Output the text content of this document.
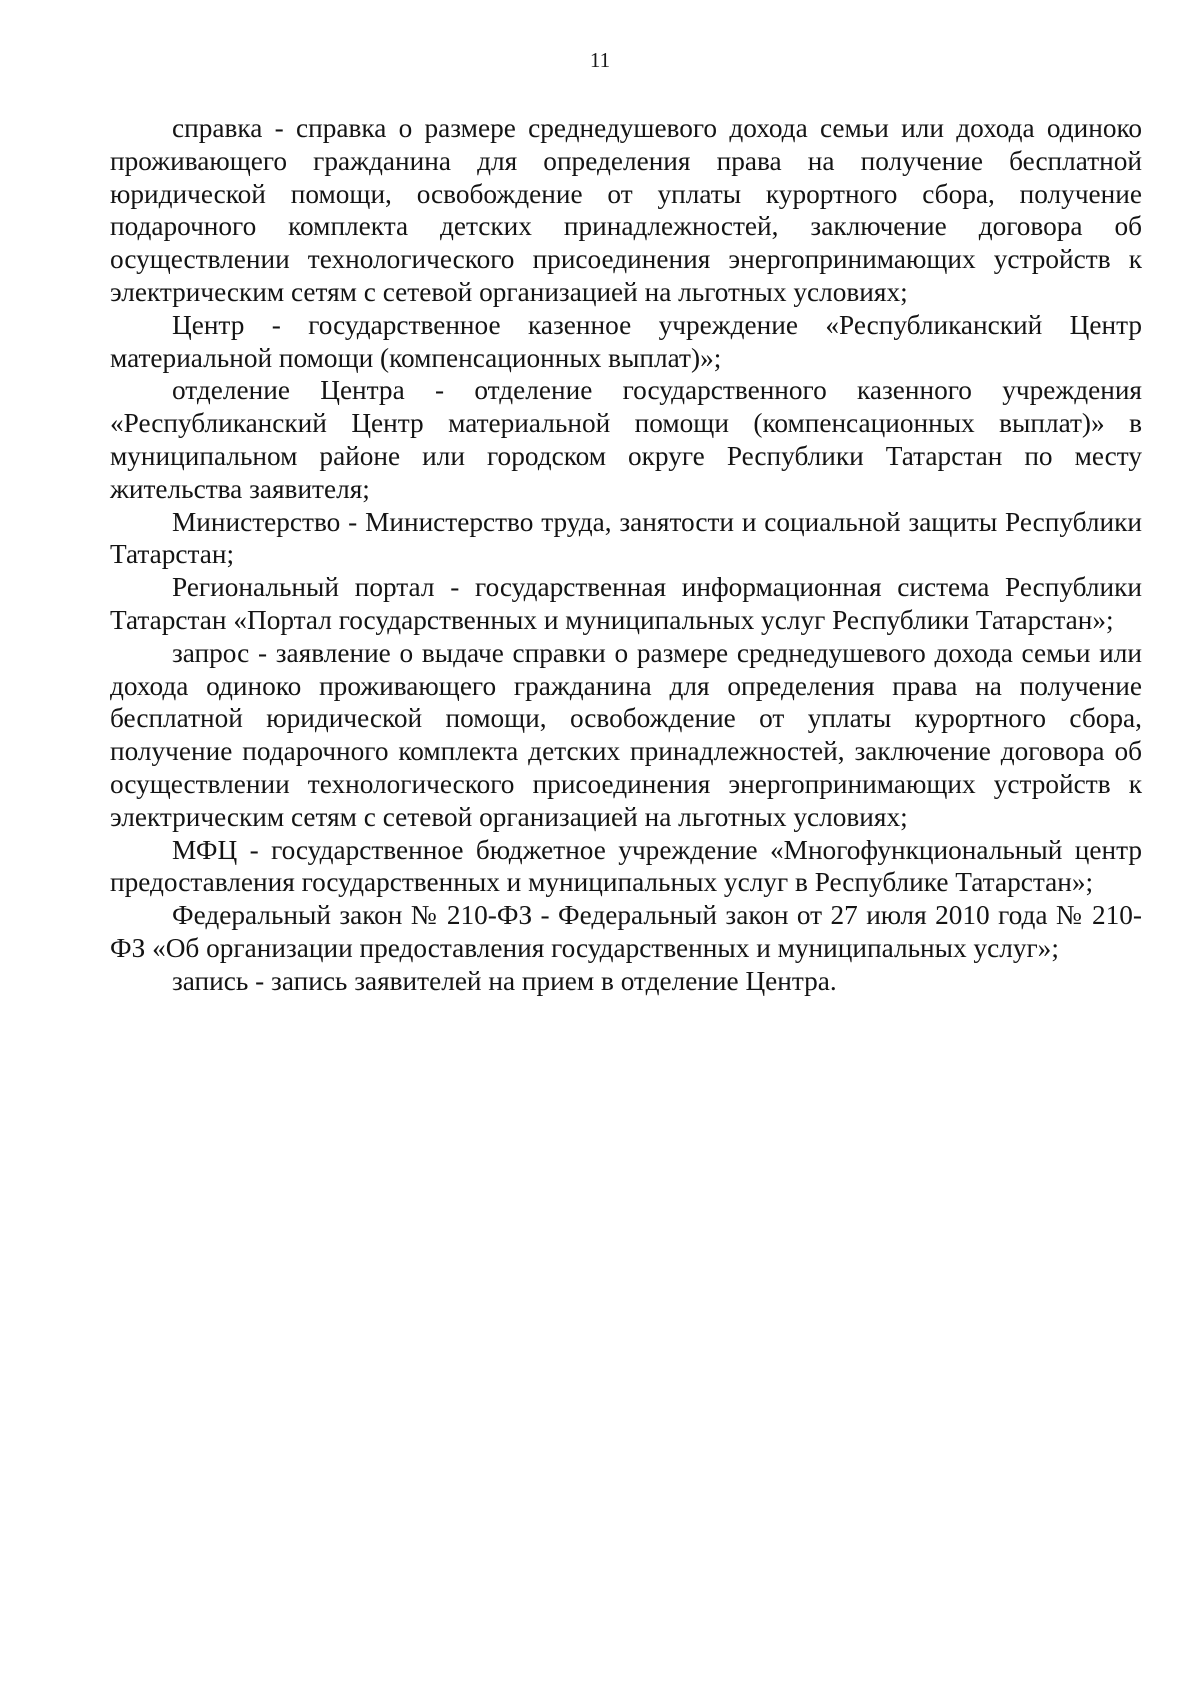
11

справка - справка о размере среднедушевого дохода семьи или дохода одиноко проживающего гражданина для определения права на получение бесплатной юридической помощи, освобождение от уплаты курортного сбора, получение подарочного комплекта детских принадлежностей, заключение договора об осуществлении технологического присоединения энергопринимающих устройств к электрическим сетям с сетевой организацией на льготных условиях;

Центр - государственное казенное учреждение «Республиканский Центр материальной помощи (компенсационных выплат)»;

отделение Центра - отделение государственного казенного учреждения «Республиканский Центр материальной помощи (компенсационных выплат)» в муниципальном районе или городском округе Республики Татарстан по месту жительства заявителя;

Министерство - Министерство труда, занятости и социальной защиты Республики Татарстан;

Региональный портал - государственная информационная система Республики Татарстан «Портал государственных и муниципальных услуг Республики Татарстан»;

запрос - заявление о выдаче справки о размере среднедушевого дохода семьи или дохода одиноко проживающего гражданина для определения права на получение бесплатной юридической помощи, освобождение от уплаты курортного сбора, получение подарочного комплекта детских принадлежностей, заключение договора об осуществлении технологического присоединения энергопринимающих устройств к электрическим сетям с сетевой организацией на льготных условиях;

МФЦ - государственное бюджетное учреждение «Многофункциональный центр предоставления государственных и муниципальных услуг в Республике Татарстан»;

Федеральный закон № 210-ФЗ - Федеральный закон от 27 июля 2010 года № 210-ФЗ «Об организации предоставления государственных и муниципальных услуг»;

запись - запись заявителей на прием в отделение Центра.
